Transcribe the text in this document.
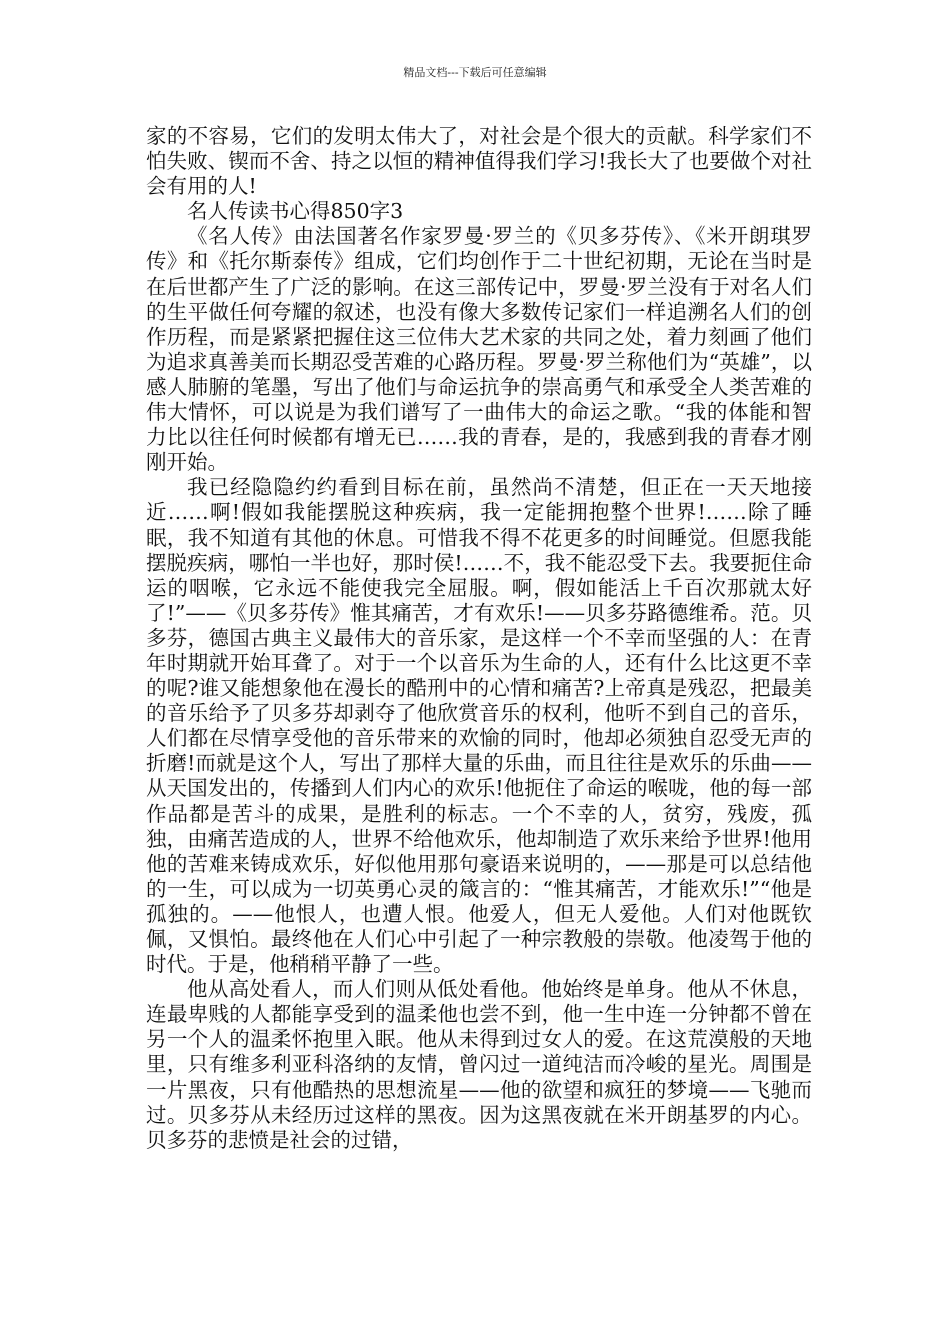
精品文档---下载后可任意编辑

家的不容易，它们的发明太伟大了，对社会是个很大的贡献。科学家们不怕失败、锲而不舍、持之以恒的精神值得我们学习!我长大了也要做个对社会有用的人!

名人传读书心得850字3

《名人传》由法国著名作家罗曼·罗兰的《贝多芬传》、《米开朗琪罗传》和《托尔斯泰传》组成，它们均创作于二十世纪初期，无论在当时是在后世都产生了广泛的影响。在这三部传记中，罗曼·罗兰没有于对名人们的生平做任何夸耀的叙述，也没有像大多数传记家们一样追溯名人们的创作历程，而是紧紧把握住这三位伟大艺术家的共同之处，着力刻画了他们为追求真善美而长期忍受苦难的心路历程。罗曼·罗兰称他们为“英雄”，以感人肺腑的笔墨，写出了他们与命运抗争的崇高勇气和承受全人类苦难的伟大情怀，可以说是为我们谱写了一曲伟大的命运之歌。“我的体能和智力比以往任何时候都有增无已……我的青春，是的，我感到我的青春才刚刚开始。

我已经隐隐约约看到目标在前，虽然尚不清楚，但正在一天天地接近……啊!假如我能摆脱这种疾病，我一定能拥抱整个世界!……除了睡眠，我不知道有其他的休息。可惜我不得不花更多的时间睡觉。但愿我能摆脱疾病，哪怕一半也好，那时侯!……不，我不能忍受下去。我要扼住命运的咽喉，它永远不能使我完全屈服。啊，假如能活上千百次那就太好了!”——《贝多芬传》惟其痛苦，才有欢乐!——贝多芬路德维希。范。贝多芬，德国古典主义最伟大的音乐家，是这样一个不幸而坚强的人：在青年时期就开始耳聋了。对于一个以音乐为生命的人，还有什么比这更不幸的呢?谁又能想象他在漫长的酷刑中的心情和痛苦?上帝真是残忍，把最美的音乐给予了贝多芬却剥夺了他欣赏音乐的权利，他听不到自己的音乐，人们都在尽情享受他的音乐带来的欢愉的同时，他却必须独自忍受无声的折磨!而就是这个人，写出了那样大量的乐曲，而且往往是欢乐的乐曲——从天国发出的，传播到人们内心的欢乐!他扼住了命运的喉咙，他的每一部作品都是苦斗的成果，是胜利的标志。一个不幸的人，贫穷，残废，孤独，由痛苦造成的人，世界不给他欢乐，他却制造了欢乐来给予世界!他用他的苦难来铸成欢乐，好似他用那句豪语来说明的，——那是可以总结他的一生，可以成为一切英勇心灵的箴言的：“惟其痛苦，才能欢乐!”“他是孤独的。——他恨人，也遭人恨。他爱人，但无人爱他。人们对他既钦佩，又惧怕。最终他在人们心中引起了一种宗教般的崇敬。他凌驾于他的时代。于是，他稍稍平静了一些。

他从高处看人，而人们则从低处看他。他始终是单身。他从不休息，连最卑贱的人都能享受到的温柔他也尝不到，他一生中连一分钟都不曾在另一个人的温柔怀抱里入眠。他从未得到过女人的爱。在这荒漠般的天地里，只有维多利亚科洛纳的友情，曾闪过一道纯洁而冷峻的星光。周围是一片黑夜，只有他酷热的思想流星——他的欲望和疯狂的梦境——飞驰而过。贝多芬从未经历过这样的黑夜。因为这黑夜就在米开朗基罗的内心。贝多芬的悲愤是社会的过错，
